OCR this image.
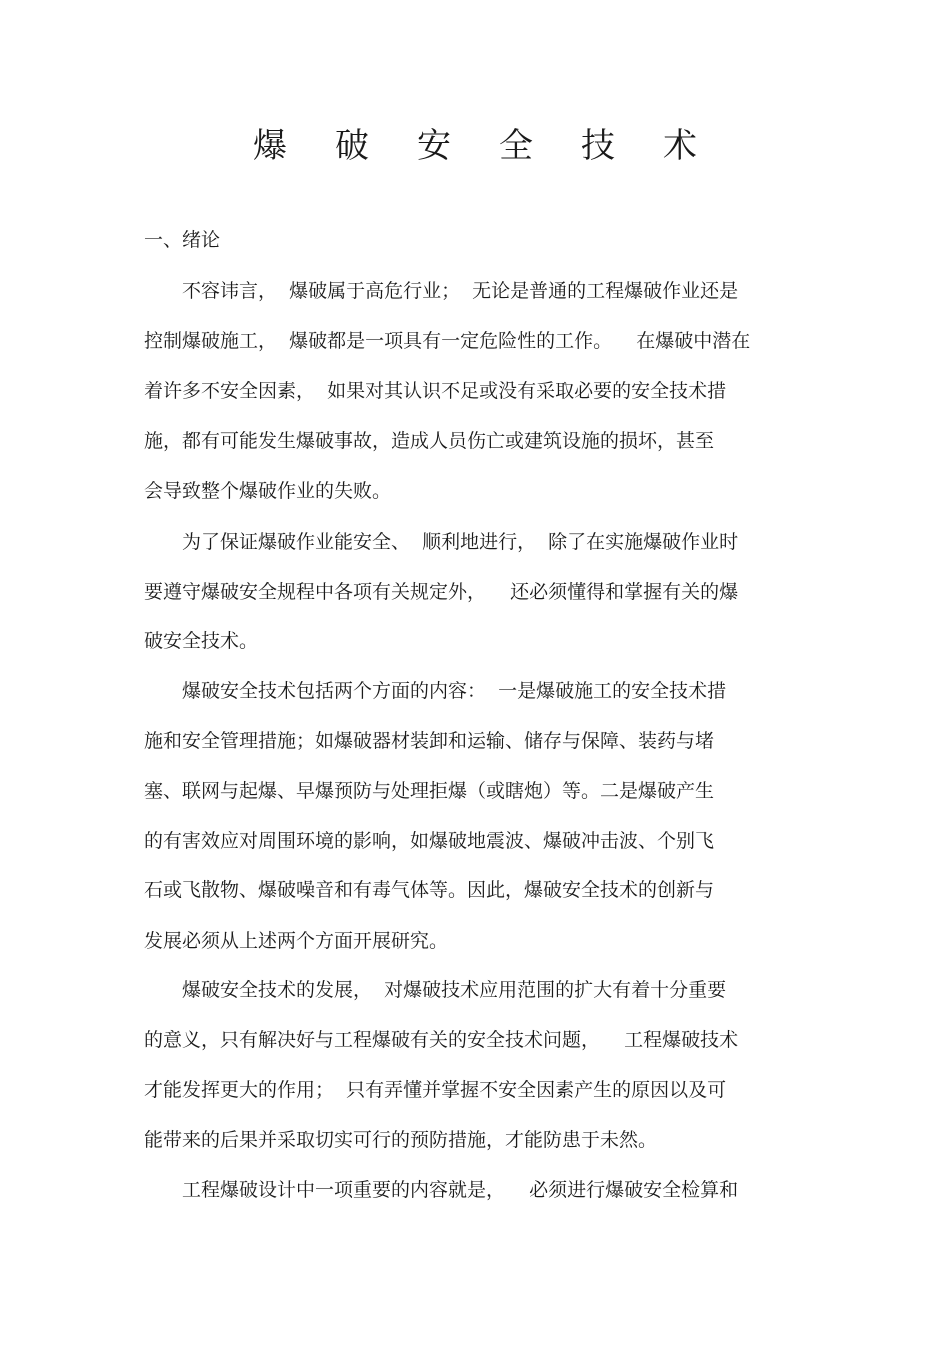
爆破安全技术
一、绪论

　　不容讳言，  爆破属于高危行业；  无论是普通的工程爆破作业还是

控制爆破施工，  爆破都是一项具有一定危险性的工作。    在爆破中潜在

着许多不安全因素，  如果对其认识不足或没有采取必要的安全技术措

施，都有可能发生爆破事故，造成人员伤亡或建筑设施的损坏，甚至

会导致整个爆破作业的失败。

　　为了保证爆破作业能安全、  顺利地进行，  除了在实施爆破作业时

要遵守爆破安全规程中各项有关规定外，    还必须懂得和掌握有关的爆

破安全技术。

　　爆破安全技术包括两个方面的内容：  一是爆破施工的安全技术措

施和安全管理措施；如爆破器材装卸和运输、储存与保障、装药与堵

塞、联网与起爆、早爆预防与处理拒爆（或瞎炮）等。二是爆破产生

的有害效应对周围环境的影响，如爆破地震波、爆破冲击波、个别飞

石或飞散物、爆破噪音和有毒气体等。因此，爆破安全技术的创新与

发展必须从上述两个方面开展研究。

　　爆破安全技术的发展，  对爆破技术应用范围的扩大有着十分重要

的意义，只有解决好与工程爆破有关的安全技术问题，    工程爆破技术

才能发挥更大的作用；  只有弄懂并掌握不安全因素产生的原因以及可

能带来的后果并采取切实可行的预防措施，才能防患于未然。

　　工程爆破设计中一项重要的内容就是，    必须进行爆破安全检算和
